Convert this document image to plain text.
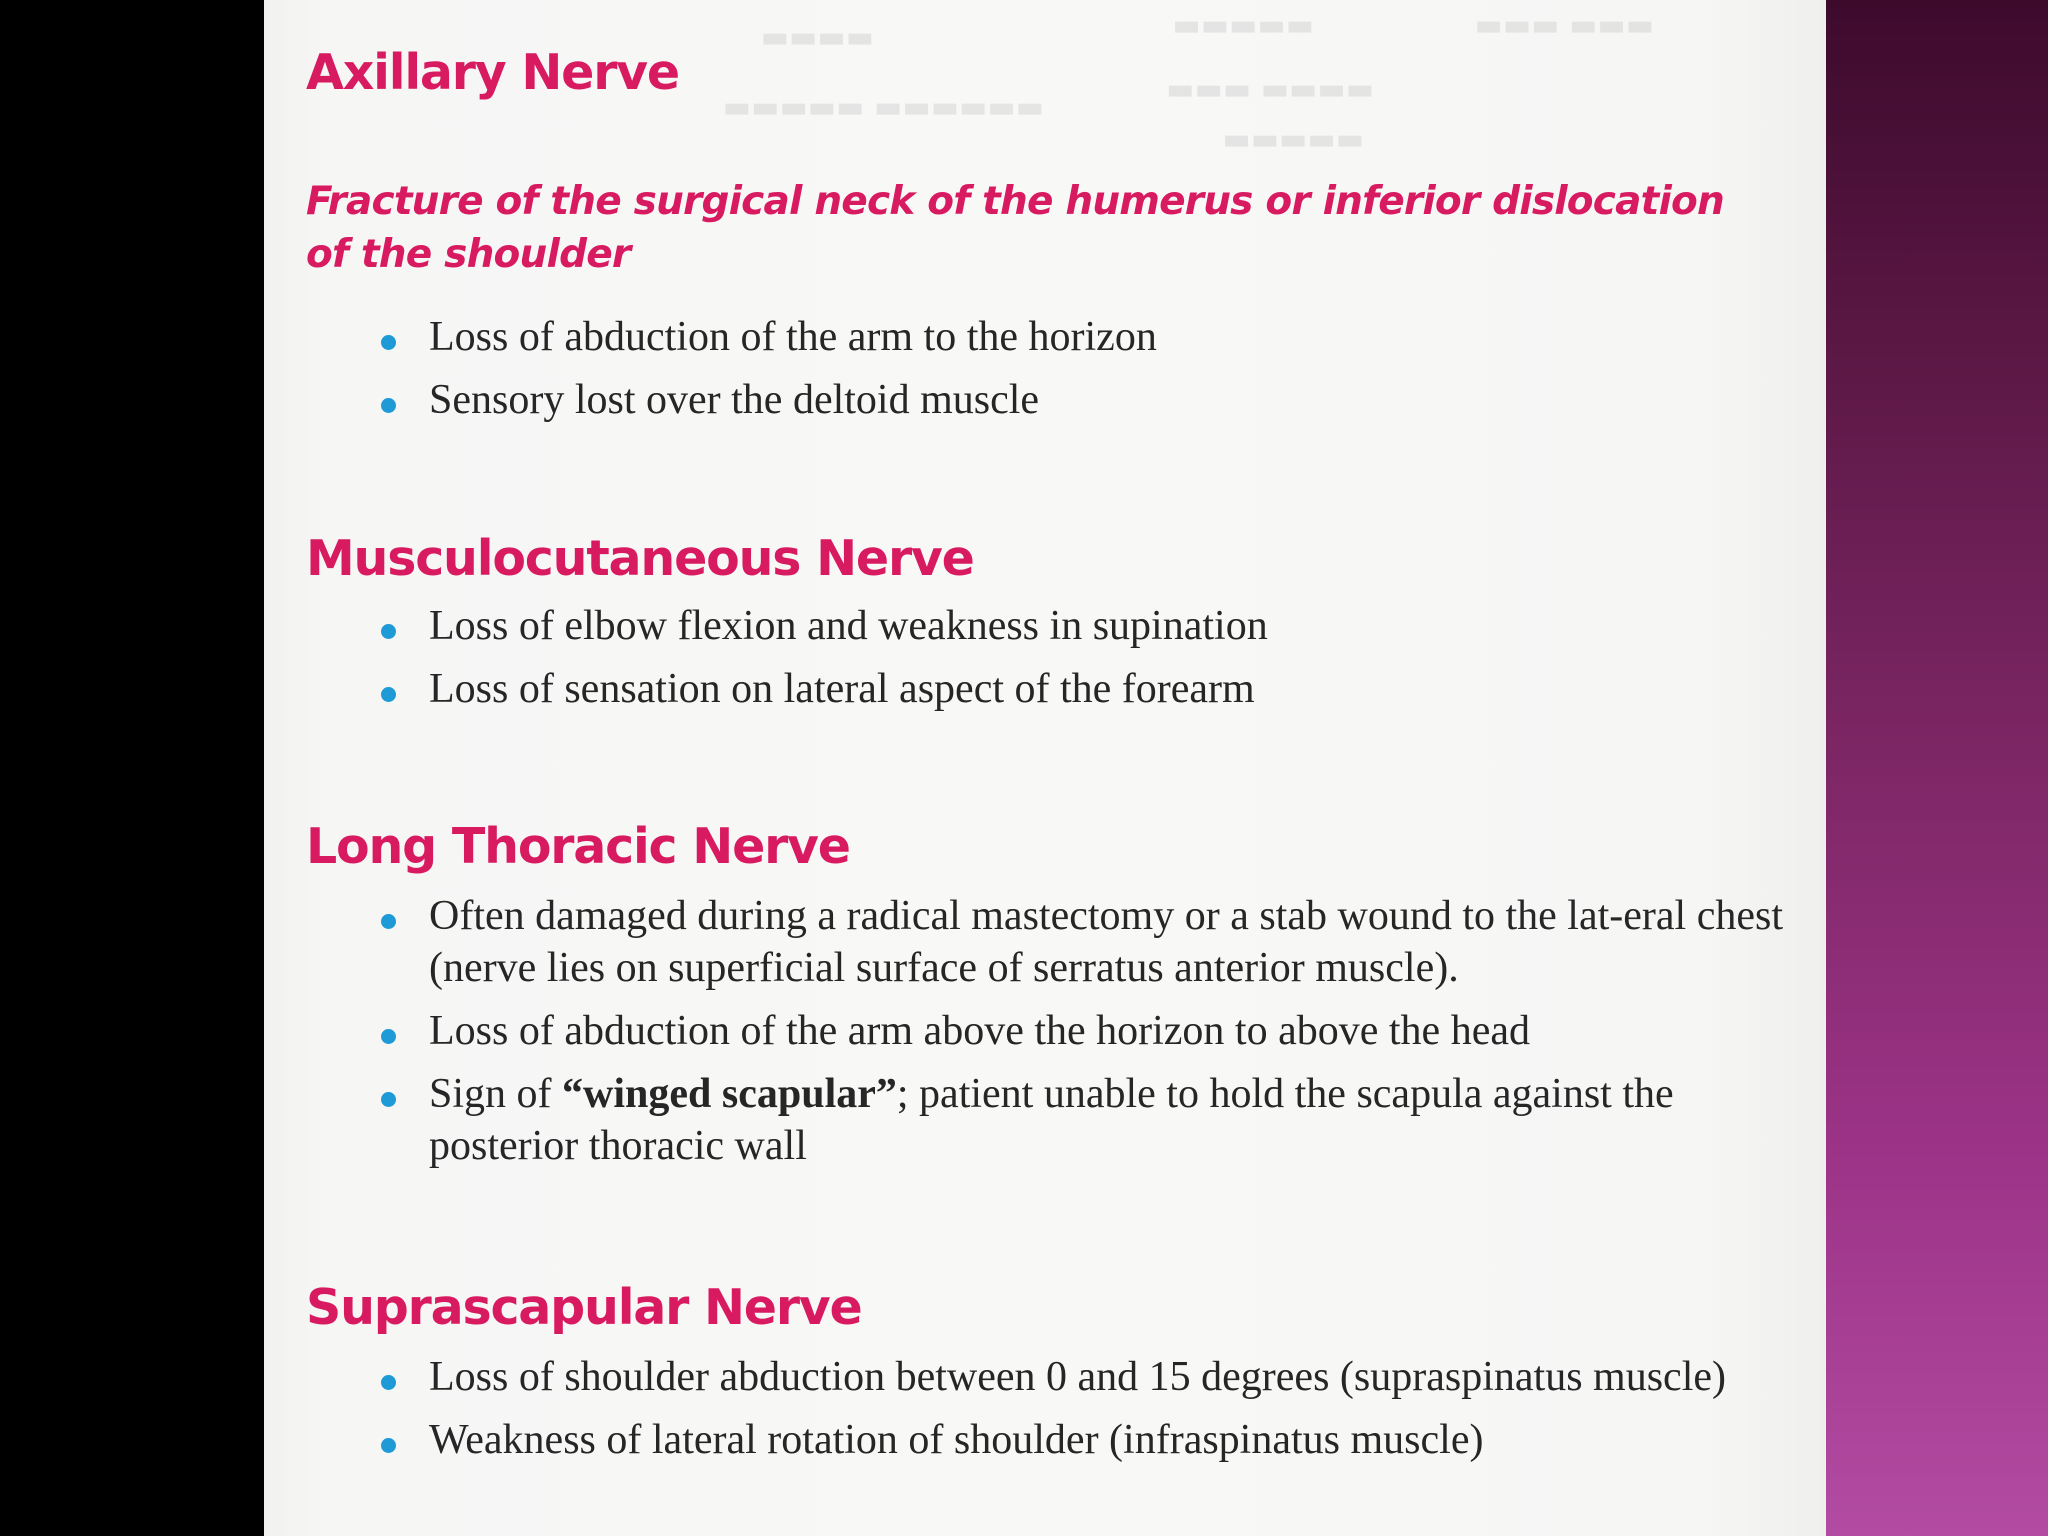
▬▬▬ ▬▬▬
▬▬▬▬▬
▬▬▬▬
▬▬▬▬ ▬▬▬
▬▬▬▬▬▬ ▬▬▬▬▬
▬▬▬▬▬
Axillary Nerve

Fracture of the surgical neck of the humerus or inferior dislocation of the shoulder

Loss of abduction of the arm to the horizon
Sensory lost over the deltoid muscle
Musculocutaneous Nerve
Loss of elbow flexion and weakness in supination
Loss of sensation on lateral aspect of the forearm
Long Thoracic Nerve
Often damaged during a radical mastectomy or a stab wound to the lat-eral chest (nerve lies on superficial surface of serratus anterior muscle).
Loss of abduction of the arm above the horizon to above the head
Sign of “winged scapular”; patient unable to hold the scapula against the posterior thoracic wall
Suprascapular Nerve
Loss of shoulder abduction between 0 and 15 degrees (supraspinatus muscle)
Weakness of lateral rotation of shoulder (infraspinatus muscle)
